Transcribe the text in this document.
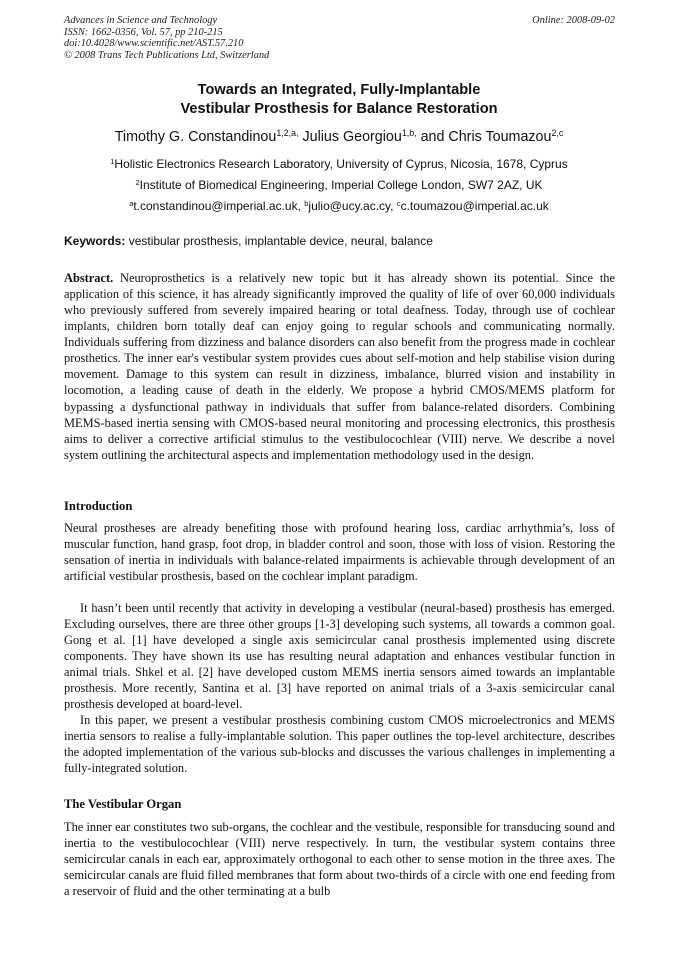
Advances in Science and Technology
ISSN: 1662-0356, Vol. 57, pp 210-215
doi:10.4028/www.scientific.net/AST.57.210
© 2008 Trans Tech Publications Ltd, Switzerland
Online: 2008-09-02
Towards an Integrated, Fully-Implantable
Vestibular Prosthesis for Balance Restoration
Timothy G. Constandinou$^{1,2,a,}$ Julius Georgiou$^{1,b,}$ and Chris Toumazou$^{2,c}$
$^1$Holistic Electronics Research Laboratory, University of Cyprus, Nicosia, 1678, Cyprus
$^2$Institute of Biomedical Engineering, Imperial College London, SW7 2AZ, UK
$^a$t.constandinou@imperial.ac.uk, $^b$julio@ucy.ac.cy, $^c$c.toumazou@imperial.ac.uk
Keywords: vestibular prosthesis, implantable device, neural, balance

Abstract. Neuroprosthetics is a relatively new topic but it has already shown its potential. Since the application of this science, it has already significantly improved the quality of life of over 60,000 individuals who previously suffered from severely impaired hearing or total deafness. Today, through use of cochlear implants, children born totally deaf can enjoy going to regular schools and communicating normally. Individuals suffering from dizziness and balance disorders can also benefit from the progress made in cochlear prosthetics. The inner ear's vestibular system provides cues about self-motion and help stabilise vision during movement. Damage to this system can result in dizziness, imbalance, blurred vision and instability in locomotion, a leading cause of death in the elderly. We propose a hybrid CMOS/MEMS platform for bypassing a dysfunctional pathway in individuals that suffer from balance-related disorders. Combining MEMS-based inertia sensing with CMOS-based neural monitoring and processing electronics, this prosthesis aims to deliver a corrective artificial stimulus to the vestibulocochlear (VIII) nerve. We describe a novel system outlining the architectural aspects and implementation methodology used in the design.

Introduction

Neural prostheses are already benefiting those with profound hearing loss, cardiac arrhythmia’s, loss of muscular function, hand grasp, foot drop, in bladder control and soon, those with loss of vision. Restoring the sensation of inertia in individuals with balance-related impairments is achievable through development of an artificial vestibular prosthesis, based on the cochlear implant paradigm.

It hasn’t been until recently that activity in developing a vestibular (neural-based) prosthesis has emerged. Excluding ourselves, there are three other groups [1-3] developing such systems, all towards a common goal. Gong et al. [1] have developed a single axis semicircular canal prosthesis implemented using discrete components. They have shown its use has resulting neural adaptation and enhances vestibular function in animal trials. Shkel et al. [2] have developed custom MEMS inertia sensors aimed towards an implantable prosthesis. More recently, Santina et al. [3] have reported on animal trials of a 3-axis semicircular canal prosthesis developed at board-level.

In this paper, we present a vestibular prosthesis combining custom CMOS microelectronics and MEMS inertia sensors to realise a fully-implantable solution. This paper outlines the top-level architecture, describes the adopted implementation of the various sub-blocks and discusses the various challenges in implementing a fully-integrated solution.

The Vestibular Organ

The inner ear constitutes two sub-organs, the cochlear and the vestibule, responsible for transducing sound and inertia to the vestibulocochlear (VIII) nerve respectively. In turn, the vestibular system contains three semicircular canals in each ear, approximately orthogonal to each other to sense motion in the three axes. The semicircular canals are fluid filled membranes that form about two-thirds of a circle with one end feeding from a reservoir of fluid and the other terminating at a bulb
